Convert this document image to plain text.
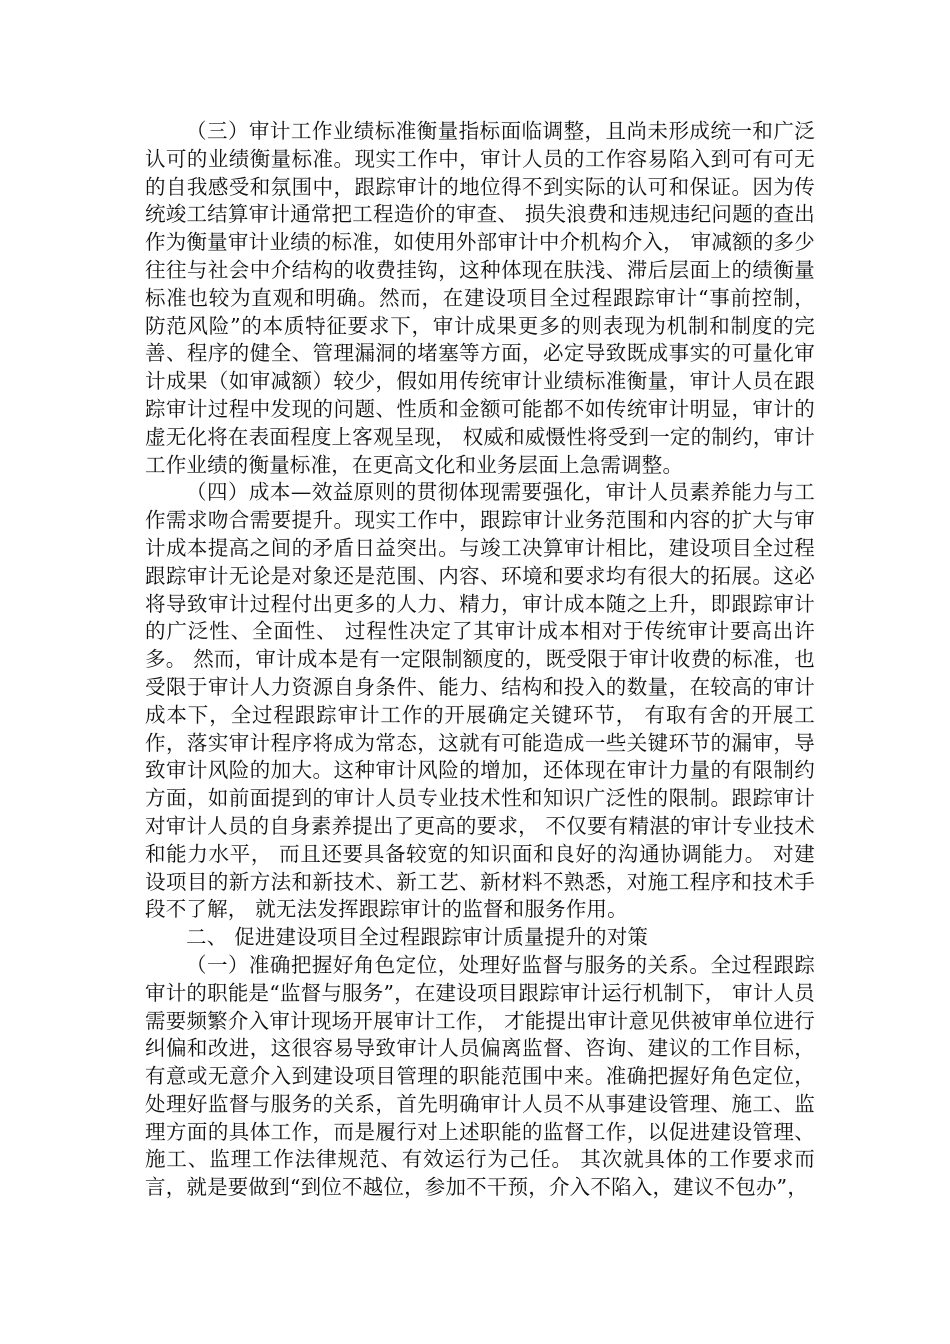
（三）审计工作业绩标准衡量指标面临调整，且尚未形成统一和广泛认可的业绩衡量标准。现实工作中，审计人员的工作容易陷入到可有可无的自我感受和氛围中，跟踪审计的地位得不到实际的认可和保证。因为传统竣工结算审计通常把工程造价的审查、 损失浪费和违规违纪问题的查出作为衡量审计业绩的标准，如使用外部审计中介机构介入， 审减额的多少往往与社会中介结构的收费挂钩，这种体现在肤浅、滞后层面上的绩衡量标准也较为直观和明确。然而，在建设项目全过程跟踪审计“事前控制，防范风险”的本质特征要求下，审计成果更多的则表现为机制和制度的完善、程序的健全、管理漏洞的堵塞等方面，必定导致既成事实的可量化审计成果（如审减额）较少，假如用传统审计业绩标准衡量，审计人员在跟踪审计过程中发现的问题、性质和金额可能都不如传统审计明显，审计的虚无化将在表面程度上客观呈现， 权威和威慑性将受到一定的制约，审计工作业绩的衡量标准，在更高文化和业务层面上急需调整。

（四）成本—效益原则的贯彻体现需要强化，审计人员素养能力与工作需求吻合需要提升。现实工作中，跟踪审计业务范围和内容的扩大与审计成本提高之间的矛盾日益突出。与竣工决算审计相比，建设项目全过程跟踪审计无论是对象还是范围、内容、环境和要求均有很大的拓展。这必将导致审计过程付出更多的人力、精力，审计成本随之上升，即跟踪审计的广泛性、全面性、 过程性决定了其审计成本相对于传统审计要高出许多。 然而，审计成本是有一定限制额度的，既受限于审计收费的标准，也受限于审计人力资源自身条件、能力、结构和投入的数量，在较高的审计成本下，全过程跟踪审计工作的开展确定关键环节， 有取有舍的开展工作，落实审计程序将成为常态，这就有可能造成一些关键环节的漏审，导致审计风险的加大。这种审计风险的增加，还体现在审计力量的有限制约方面，如前面提到的审计人员专业技术性和知识广泛性的限制。跟踪审计对审计人员的自身素养提出了更高的要求， 不仅要有精湛的审计专业技术和能力水平， 而且还要具备较宽的知识面和良好的沟通协调能力。 对建设项目的新方法和新技术、新工艺、新材料不熟悉，对施工程序和技术手段不了解， 就无法发挥跟踪审计的监督和服务作用。

二、 促进建设项目全过程跟踪审计质量提升的对策

（一）准确把握好角色定位，处理好监督与服务的关系。全过程跟踪审计的职能是“监督与服务”，在建设项目跟踪审计运行机制下， 审计人员需要频繁介入审计现场开展审计工作， 才能提出审计意见供被审单位进行纠偏和改进，这很容易导致审计人员偏离监督、咨询、建议的工作目标，有意或无意介入到建设项目管理的职能范围中来。准确把握好角色定位，处理好监督与服务的关系，首先明确审计人员不从事建设管理、施工、监理方面的具体工作，而是履行对上述职能的监督工作，以促进建设管理、施工、监理工作法律规范、有效运行为己任。 其次就具体的工作要求而言，就是要做到“到位不越位，参加不干预，介入不陷入，建议不包办”，
